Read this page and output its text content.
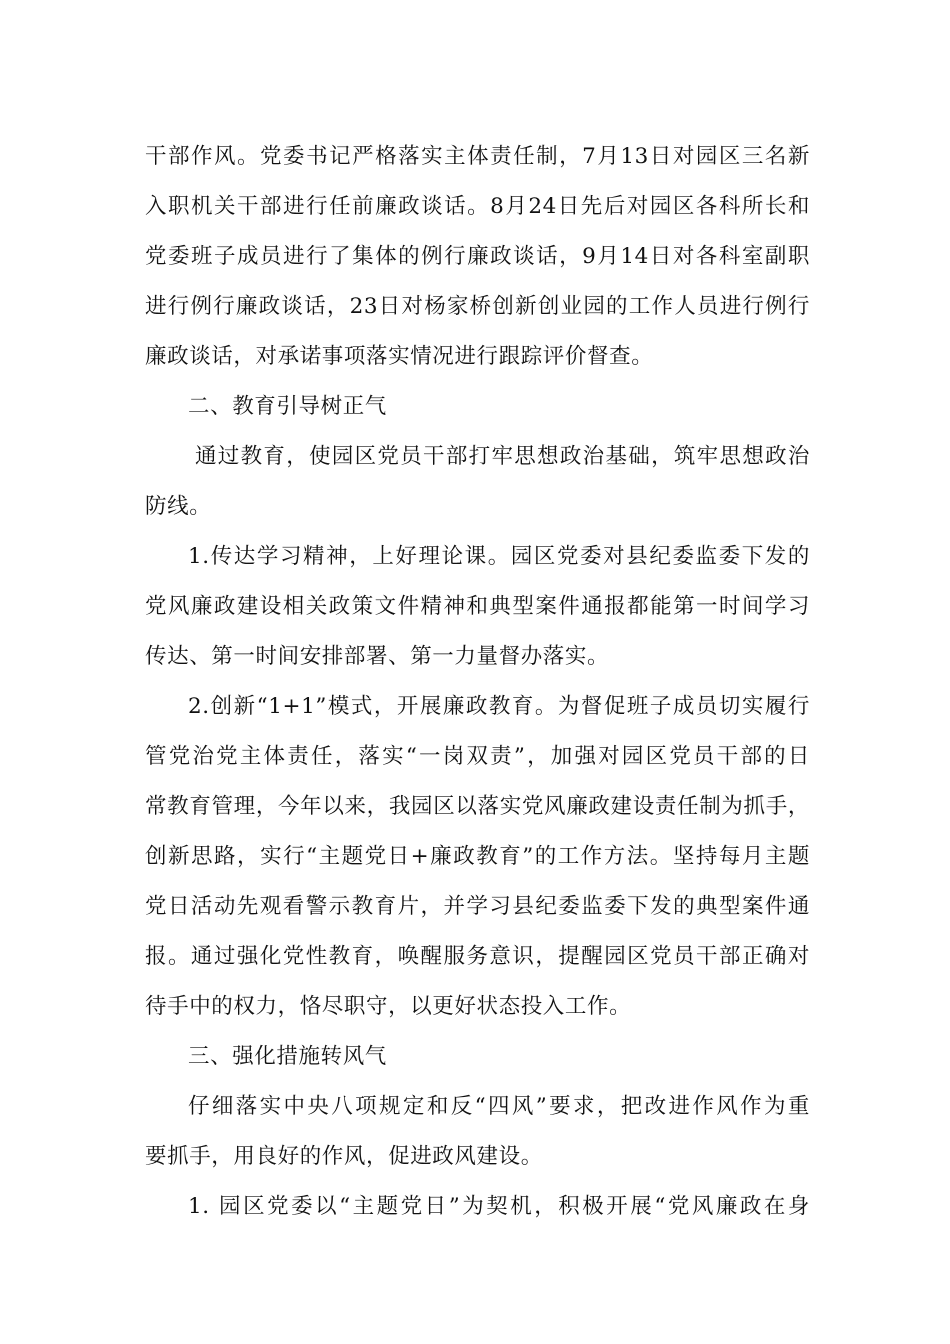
干部作风。党委书记严格落实主体责任制，7月13日对园区三名新
入职机关干部进行任前廉政谈话。8月24日先后对园区各科所长和
党委班子成员进行了集体的例行廉政谈话，9月14日对各科室副职
进行例行廉政谈话，23日对杨家桥创新创业园的工作人员进行例行
廉政谈话，对承诺事项落实情况进行跟踪评价督查。
二、教育引导树正气
通过教育，使园区党员干部打牢思想政治基础，筑牢思想政治
防线。
1.传达学习精神，上好理论课。园区党委对县纪委监委下发的
党风廉政建设相关政策文件精神和典型案件通报都能第一时间学习
传达、第一时间安排部署、第一力量督办落实。
2.创新“1+1”模式，开展廉政教育。为督促班子成员切实履行
管党治党主体责任，落实“一岗双责”，加强对园区党员干部的日
常教育管理，今年以来，我园区以落实党风廉政建设责任制为抓手，
创新思路，实行“主题党日+廉政教育”的工作方法。坚持每月主题
党日活动先观看警示教育片，并学习县纪委监委下发的典型案件通
报。通过强化党性教育，唤醒服务意识，提醒园区党员干部正确对
待手中的权力，恪尽职守，以更好状态投入工作。
三、强化措施转风气
仔细落实中央八项规定和反“四风”要求，把改进作风作为重
要抓手，用良好的作风，促进政风建设。
1. 园区党委以“主题党日”为契机，积极开展“党风廉政在身
